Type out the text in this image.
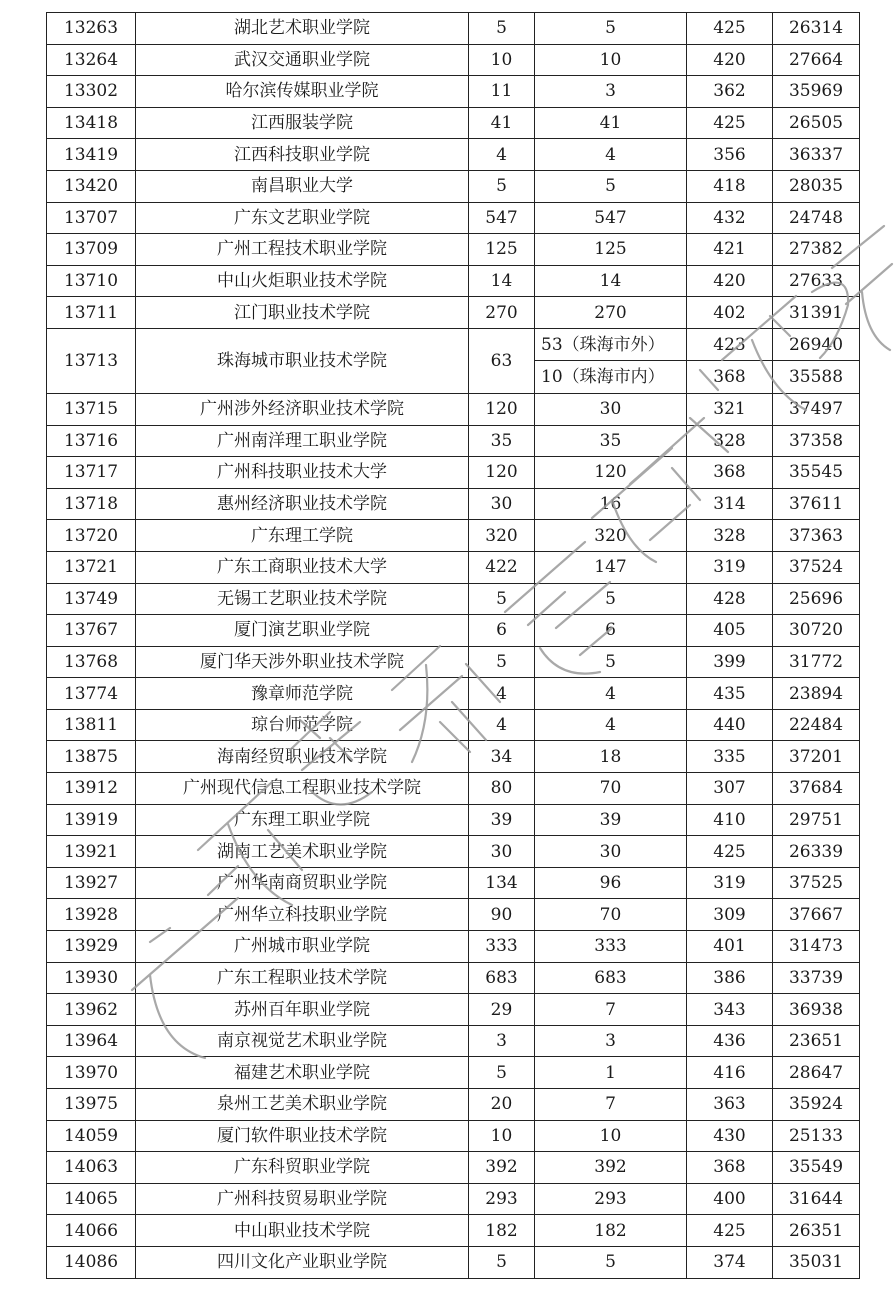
13263	湖北艺术职业学院	5	5	425	26314
13264	武汉交通职业学院	10	10	420	27664
13302	哈尔滨传媒职业学院	11	3	362	35969
13418	江西服装学院	41	41	425	26505
13419	江西科技职业学院	4	4	356	36337
13420	南昌职业大学	5	5	418	28035
13707	广东文艺职业学院	547	547	432	24748
13709	广州工程技术职业学院	125	125	421	27382
13710	中山火炬职业技术学院	14	14	420	27633
13711	江门职业技术学院	270	270	402	31391
13713	珠海城市职业技术学院	63	53（珠海市外）	423	26940
			10（珠海市内）	368	35588
13715	广州涉外经济职业技术学院	120	30	321	37497
13716	广州南洋理工职业学院	35	35	328	37358
13717	广州科技职业技术大学	120	120	368	35545
13718	惠州经济职业技术学院	30	16	314	37611
13720	广东理工学院	320	320	328	37363
13721	广东工商职业技术大学	422	147	319	37524
13749	无锡工艺职业技术学院	5	5	428	25696
13767	厦门演艺职业学院	6	6	405	30720
13768	厦门华天涉外职业技术学院	5	5	399	31772
13774	豫章师范学院	4	4	435	23894
13811	琼台师范学院	4	4	440	22484
13875	海南经贸职业技术学院	34	18	335	37201
13912	广州现代信息工程职业技术学院	80	70	307	37684
13919	广东理工职业学院	39	39	410	29751
13921	湖南工艺美术职业学院	30	30	425	26339
13927	广州华南商贸职业学院	134	96	319	37525
13928	广州华立科技职业学院	90	70	309	37667
13929	广州城市职业学院	333	333	401	31473
13930	广东工程职业技术学院	683	683	386	33739
13962	苏州百年职业学院	29	7	343	36938
13964	南京视觉艺术职业学院	3	3	436	23651
13970	福建艺术职业学院	5	1	416	28647
13975	泉州工艺美术职业学院	20	7	363	35924
14059	厦门软件职业技术学院	10	10	430	25133
14063	广东科贸职业学院	392	392	368	35549
14065	广州科技贸易职业学院	293	293	400	31644
14066	中山职业技术学院	182	182	425	26351
14086	四川文化产业职业学院	5	5	374	35031
